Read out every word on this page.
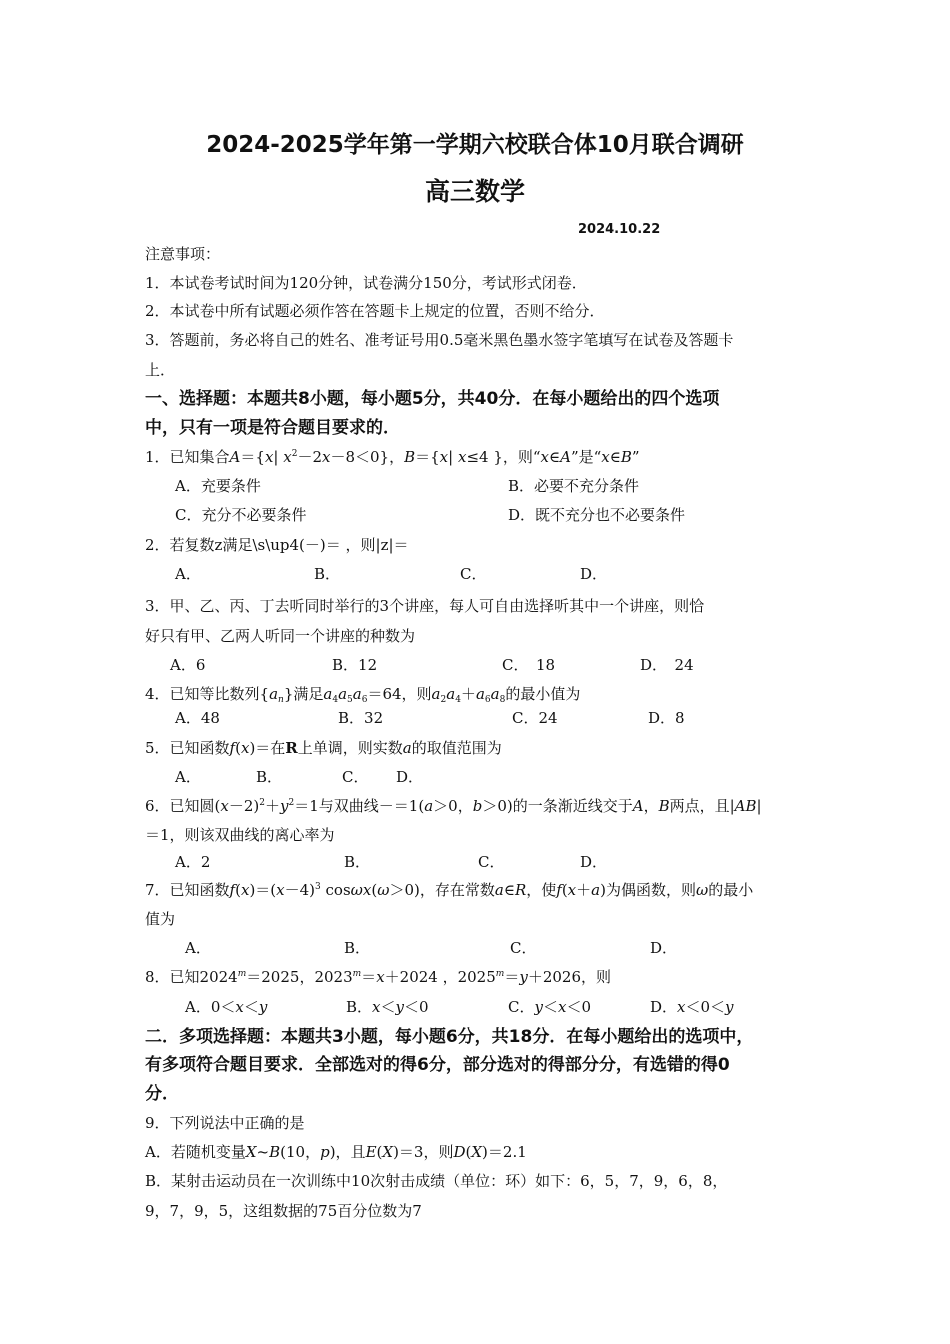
2024-2025学年第一学期六校联合体10月联合调研
高三数学
2024.10.22
注意事项：
1．本试卷考试时间为120分钟，试卷满分150分，考试形式闭卷．
2．本试卷中所有试题必须作答在答题卡上规定的位置，否则不给分．
3．答题前，务必将自己的姓名、准考证号用0.5毫米黑色墨水签字笔填写在试卷及答题卡
上．
一、选择题：本题共8小题，每小题5分，共40分．在每小题给出的四个选项
中，只有一项是符合题目要求的．
1．已知集合A＝{x| $x^2-2x-8<0$}，B＝{x| x≤4 }，则“x∈A”是“x∈B”
A．充要条件	B．必要不充分条件
C．充分不必要条件	D．既不充分也不必要条件
2．若复数z满足\s\up4(－)＝ ，则|z|＝
A．	B．	C．	D．
3．甲、乙、丙、丁去听同时举行的3个讲座，每人可自由选择听其中一个讲座，则恰
好只有甲、乙两人听同一个讲座的种数为
A．6	B．12	C．　18	D．　24
4．已知等比数列$\{a_n\}$满足$a_4a_5a_6=64$，则$a_2a_4+a_6a_8$的最小值为
A．48	B．32	C．24	D．8
5．已知函数f(x)＝在R上单调，则实数a的取值范围为
A．	B．	C． D．
6．已知圆$(x-2)^2+y^2=1$与双曲线－＝1(a＞0，b＞0)的一条渐近线交于A，B两点，且|AB|
＝1，则该双曲线的离心率为
A．2	B．	C．	D．
7．已知函数$f(x)=(x-4)^3$ cosωx(ω＞0)，存在常数a∈R，使f(x＋a)为偶函数，则ω的最小
值为
A．	B．	C．	D．
8．已知$2024^m=2025$，$2023^m=x+2024$ ，$2025^m=y+2026$，则
A．0＜x＜y	B．x＜y＜0	C．y＜x＜0	D．x＜0＜y
二．多项选择题：本题共3小题，每小题6分，共18分．在每小题给出的选项中，
有多项符合题目要求．全部选对的得6分，部分选对的得部分分，有选错的得0
分．
9．下列说法中正确的是
A．若随机变量X~B(10，p)，且E(X)＝3，则D(X)＝2.1
B．某射击运动员在一次训练中10次射击成绩（单位：环）如下：6，5，7，9，6，8，
9，7，9，5，这组数据的75百分位数为7
